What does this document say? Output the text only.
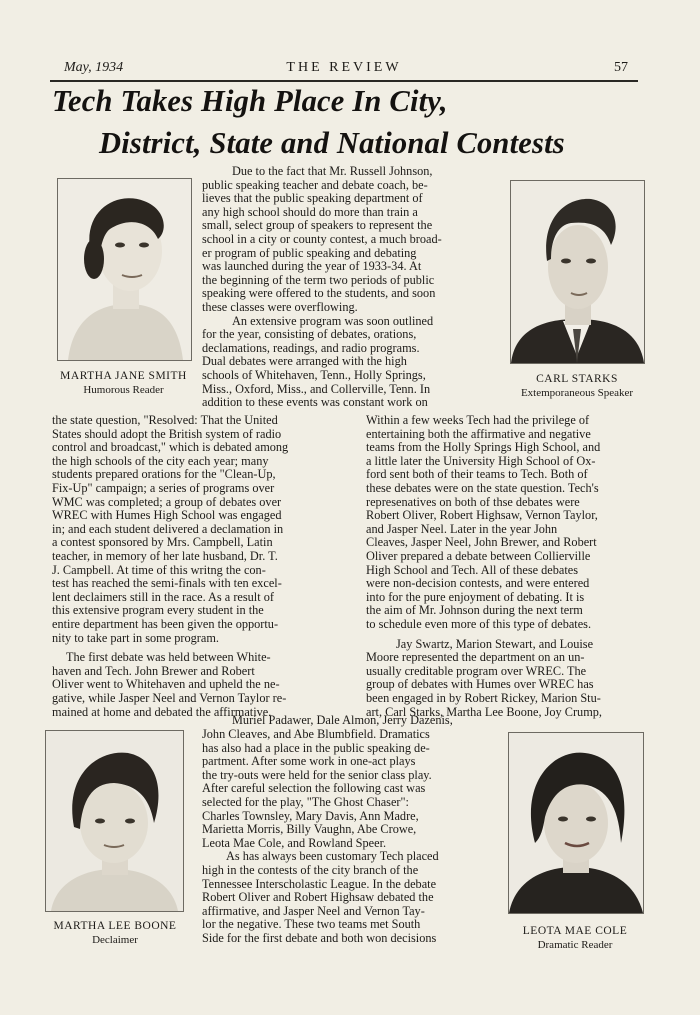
May, 1934	THE REVIEW	57
Tech Takes High Place In City,
District, State and National Contests
MARTHA JANE SMITH
Humorous Reader
CARL STARKS
Extemporaneous Speaker
MARTHA LEE BOONE
Declaimer
LEOTA MAE COLE
Dramatic Reader
Due to the fact that Mr. Russell Johnson,
public speaking teacher and debate coach, be-
lieves that the public speaking department of
any high school should do more than train a
small, select group of speakers to represent the
school in a city or county contest, a much broad-
er program of public speaking and debating
was launched during the year of 1933-34. At
the beginning of the term two periods of public
speaking were offered to the students, and soon
these classes were overflowing.
An extensive program was soon outlined
for the year, consisting of debates, orations,
declamations, readings, and radio programs.
Dual debates were arranged with the high
schools of Whitehaven, Tenn., Holly Springs,
Miss., Oxford, Miss., and Collerville, Tenn. In
addition to these events was constant work on
the state question, "Resolved: That the United
States should adopt the British system of radio
control and broadcast," which is debated among
the high schools of the city each year; many
students prepared orations for the "Clean-Up,
Fix-Up" campaign; a series of programs over
WMC was completed; a group of debates over
WREC with Humes High School was engaged
in; and each student delivered a declamation in
a contest sponsored by Mrs. Campbell, Latin
teacher, in memory of her late husband, Dr. T.
J. Campbell. At time of this writng the con-
test has reached the semi-finals with ten excel-
lent declaimers still in the race. As a result of
this extensive program every student in the
entire department has been given the opportu-
nity to take part in some program.
The first debate was held between White-
haven and Tech. John Brewer and Robert
Oliver went to Whitehaven and upheld the ne-
gative, while Jasper Neel and Vernon Taylor re-
mained at home and debated the affirmative.
Within a few weeks Tech had the privilege of
entertaining both the affirmative and negative
teams from the Holly Springs High School, and
a little later the University High School of Ox-
ford sent both of their teams to Tech. Both of
these debates were on the state question. Tech's
represenatives on both of thse debates were
Robert Oliver, Robert Highsaw, Vernon Taylor,
and Jasper Neel. Later in the year John
Cleaves, Jasper Neel, John Brewer, and Robert
Oliver prepared a debate between Collierville
High School and Tech. All of these debates
were non-decision contests, and were entered
into for the pure enjoyment of debating. It is
the aim of Mr. Johnson during the next term
to schedule even more of this type of debates.
Jay Swartz, Marion Stewart, and Louise
Moore represented the department on an un-
usually creditable program over WREC. The
group of debates with Humes over WREC has
been engaged in by Robert Rickey, Marion Stu-
art, Carl Starks, Martha Lee Boone, Joy Crump,
Muriel Padawer, Dale Almon, Jerry Dazenis,
John Cleaves, and Abe Blumbfield. Dramatics
has also had a place in the public speaking de-
partment. After some work in one-act plays
the try-outs were held for the senior class play.
After careful selection the following cast was
selected for the play, "The Ghost Chaser":
Charles Townsley, Mary Davis, Ann Madre,
Marietta Morris, Billy Vaughn, Abe Crowe,
Leota Mae Cole, and Rowland Speer.
As has always been customary Tech placed
high in the contests of the city branch of the
Tennessee Interscholastic League. In the debate
Robert Oliver and Robert Highsaw debated the
affirmative, and Jasper Neel and Vernon Tay-
lor the negative. These two teams met South
Side for the first debate and both won decisions
